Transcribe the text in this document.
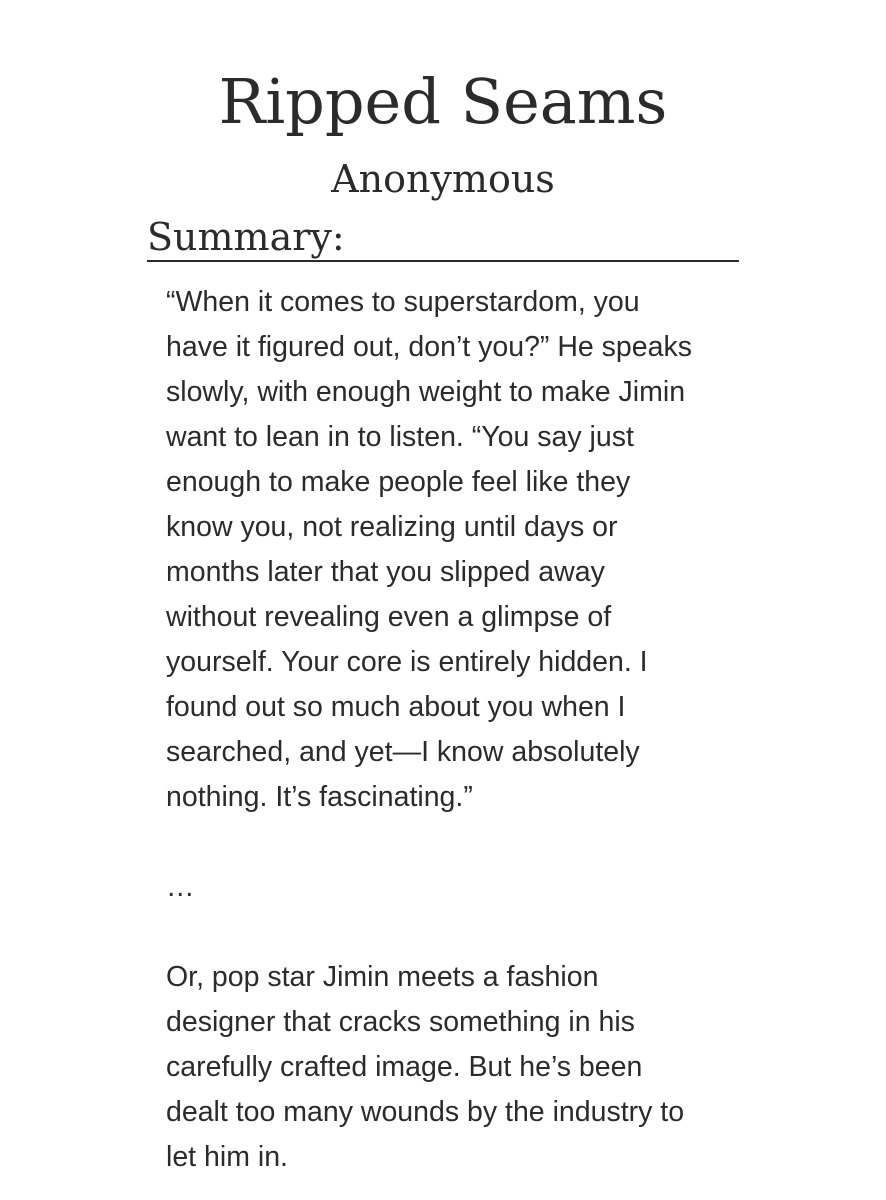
Ripped Seams
Anonymous
Summary:

“When it comes to superstardom, you
have it figured out, don’t you?” He speaks
slowly, with enough weight to make Jimin
want to lean in to listen. “You say just
enough to make people feel like they
know you, not realizing until days or
months later that you slipped away
without revealing even a glimpse of
yourself. Your core is entirely hidden. I
found out so much about you when I
searched, and yet—I know absolutely
nothing. It’s fascinating.”

…

Or, pop star Jimin meets a fashion
designer that cracks something in his
carefully crafted image. But he’s been
dealt too many wounds by the industry to
let him in.
